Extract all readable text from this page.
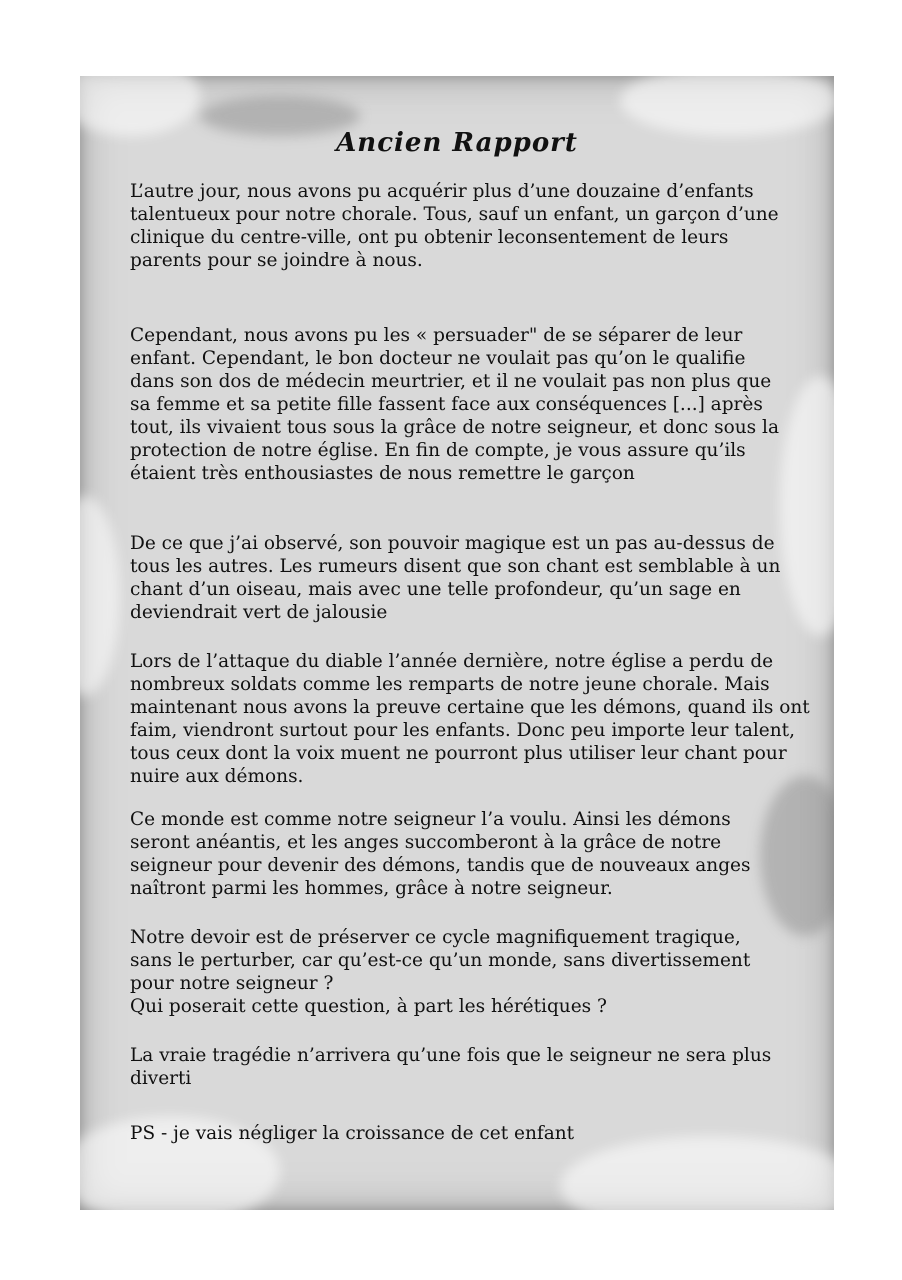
Ancien Rapport
L’autre jour, nous avons pu acquérir plus d’une douzaine d’enfants
talentueux pour notre chorale. Tous, sauf un enfant, un garçon d’une
clinique du centre-ville, ont pu obtenir leconsentement de leurs
parents pour se joindre à nous.
Cependant, nous avons pu les « persuader" de se séparer de leur
enfant. Cependant, le bon docteur ne voulait pas qu’on le qualifie
dans son dos de médecin meurtrier, et il ne voulait pas non plus que
sa femme et sa petite fille fassent face aux conséquences [...] après
tout, ils vivaient tous sous la grâce de notre seigneur, et donc sous la
protection de notre église. En fin de compte, je vous assure qu’ils
étaient très enthousiastes de nous remettre le garçon
De ce que j’ai observé, son pouvoir magique est un pas au-dessus de
tous les autres. Les rumeurs disent que son chant est semblable à un
chant d’un oiseau, mais avec une telle profondeur, qu’un sage en
deviendrait vert de jalousie
Lors de l’attaque du diable l’année dernière, notre église a perdu de
nombreux soldats comme les remparts de notre jeune chorale. Mais
maintenant nous avons la preuve certaine que les démons, quand ils ont
faim, viendront surtout pour les enfants. Donc peu importe leur talent,
tous ceux dont la voix muent ne pourront plus utiliser leur chant pour
nuire aux démons.
Ce monde est comme notre seigneur l’a voulu. Ainsi les démons
seront anéantis, et les anges succomberont à la grâce de notre
seigneur pour devenir des démons, tandis que de nouveaux anges
naîtront parmi les hommes, grâce à notre seigneur.
Notre devoir est de préserver ce cycle magnifiquement tragique,
sans le perturber, car qu’est-ce qu’un monde, sans divertissement
pour notre seigneur ?
Qui poserait cette question, à part les hérétiques ?
La vraie tragédie n’arrivera qu’une fois que le seigneur ne sera plus
diverti
PS - je vais négliger la croissance de cet enfant
